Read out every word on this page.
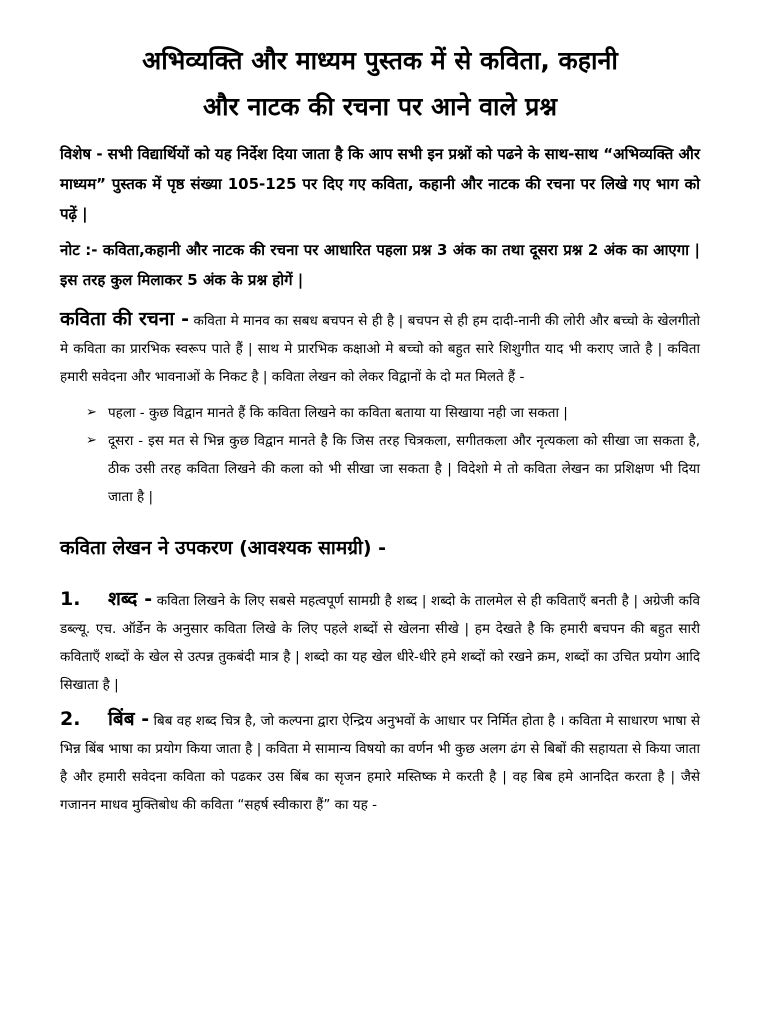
अभिव्यक्ति और माध्यम पुस्तक में से कविता, कहानी
और नाटक की रचना पर आने वाले प्रश्न

विशेष - सभी विद्यार्थियों को यह निर्देश दिया जाता है कि आप सभी इन प्रश्नों को पढने के साथ-साथ “अभिव्यक्ति और माध्यम” पुस्तक में पृष्ठ संख्या 105-125 पर दिए गए कविता, कहानी और नाटक की रचना पर लिखे गए भाग को पढ़ें |

नोट :- कविता,कहानी और नाटक की रचना पर आधारित पहला प्रश्न 3 अंक का तथा दूसरा प्रश्न 2 अंक का आएगा | इस तरह कुल मिलाकर 5 अंक के प्रश्न होगें |

कविता की रचना - कविता मे मानव का सबध बचपन से ही है | बचपन से ही हम दादी-नानी की लोरी और बच्चो के खेलगीतो मे कविता का प्रारभिक स्वरूप पाते हैं | साथ मे प्रारभिक कक्षाओ मे बच्चो को बहुत सारे शिशुगीत याद भी कराए जाते है | कविता हमारी सवेदना और भावनाओं के निकट है | कविता लेखन को लेकर विद्वानों के दो मत मिलते हैं -

➢ पहला - कुछ विद्वान मानते हैं कि कविता लिखने का कविता बताया या सिखाया नही जा सकता |
➢ दूसरा - इस मत से भिन्न कुछ विद्वान मानते है कि जिस तरह चित्रकला, सगीतकला और नृत्यकला को सीखा जा सकता है, ठीक उसी तरह कविता लिखने की कला को भी सीखा जा सकता है | विदेशो मे तो कविता लेखन का प्रशिक्षण भी दिया जाता है |
कविता लेखन ने उपकरण (आवश्यक सामग्री) -

1. शब्द - कविता लिखने के लिए सबसे महत्वपूर्ण सामग्री है शब्द | शब्दो के तालमेल से ही कविताएँ बनती है | अग्रेजी कवि डब्ल्यू. एच. ऑर्डेन के अनुसार कविता लिखे के लिए पहले शब्दों से खेलना सीखे | हम देखते है कि हमारी बचपन की बहुत सारी कविताएँ शब्दों के खेल से उत्पन्न तुकबंदी मात्र है | शब्दो का यह खेल धीरे-धीरे हमे शब्दों को रखने क्रम, शब्दों का उचित प्रयोग आदि सिखाता है |

2. बिंब - बिब वह शब्द चित्र है, जो कल्पना द्वारा ऐन्द्रिय अनुभवों के आधार पर निर्मित होता है । कविता मे साधारण भाषा से भिन्न बिंब भाषा का प्रयोग किया जाता है | कविता मे सामान्य विषयो का वर्णन भी कुछ अलग ढंग से बिबों की सहायता से किया जाता है और हमारी सवेदना कविता को पढकर उस बिंब का सृजन हमारे मस्तिष्क मे करती है | वह बिब हमे आनदित करता है | जैसे गजानन माधव मुक्तिबोध की कविता “सहर्ष स्वीकारा हैं” का यह -
